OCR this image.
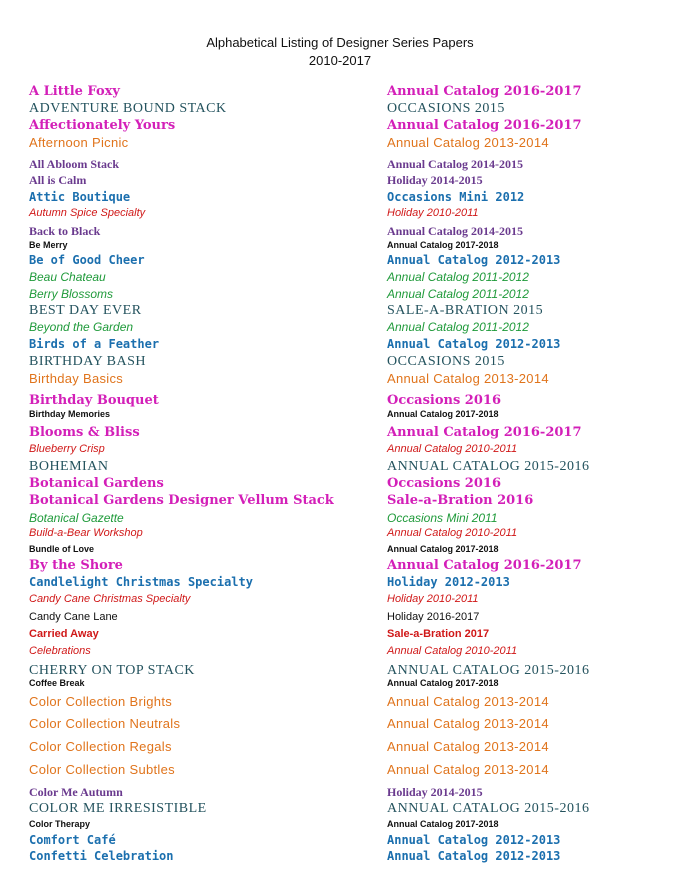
Alphabetical Listing of Designer Series Papers
2010-2017
A Little Foxy	Annual Catalog 2016-2017
ADVENTURE BOUND STACK	OCCASIONS 2015
Affectionately Yours	Annual Catalog 2016-2017
Afternoon Picnic	Annual Catalog 2013-2014
All Abloom Stack	Annual Catalog 2014-2015
All is Calm	Holiday 2014-2015
Attic Boutique	Occasions Mini 2012
Autumn Spice Specialty	Holiday 2010-2011
Back to Black	Annual Catalog 2014-2015
Be Merry	Annual Catalog 2017-2018
Be of Good Cheer	Annual Catalog 2012-2013
Beau Chateau	Annual Catalog 2011-2012
Berry Blossoms	Annual Catalog 2011-2012
BEST DAY EVER	SALE-A-BRATION 2015
Beyond the Garden	Annual Catalog 2011-2012
Birds of a Feather	Annual Catalog 2012-2013
BIRTHDAY BASH	OCCASIONS 2015
Birthday Basics	Annual Catalog 2013-2014
Birthday Bouquet	Occasions 2016
Birthday Memories	Annual Catalog 2017-2018
Blooms & Bliss	Annual Catalog 2016-2017
Blueberry Crisp	Annual Catalog 2010-2011
BOHEMIAN	ANNUAL CATALOG 2015-2016
Botanical Gardens	Occasions 2016
Botanical Gardens Designer Vellum Stack	Sale-a-Bration 2016
Botanical Gazette	Occasions Mini 2011
Build-a-Bear Workshop	Annual Catalog 2010-2011
Bundle of Love	Annual Catalog 2017-2018
By the Shore	Annual Catalog 2016-2017
Candlelight Christmas Specialty	Holiday 2012-2013
Candy Cane Christmas Specialty	Holiday 2010-2011
Candy Cane Lane	Holiday 2016-2017
Carried Away	Sale-a-Bration 2017
Celebrations	Annual Catalog 2010-2011
CHERRY ON TOP STACK	ANNUAL CATALOG 2015-2016
Coffee Break	Annual Catalog 2017-2018
Color Collection Brights	Annual Catalog 2013-2014
Color Collection Neutrals	Annual Catalog 2013-2014
Color Collection Regals	Annual Catalog 2013-2014
Color Collection Subtles	Annual Catalog 2013-2014
Color Me Autumn	Holiday 2014-2015
COLOR ME IRRESISTIBLE	ANNUAL CATALOG 2015-2016
Color Therapy	Annual Catalog 2017-2018
Comfort Café	Annual Catalog 2012-2013
Confetti Celebration	Annual Catalog 2012-2013
